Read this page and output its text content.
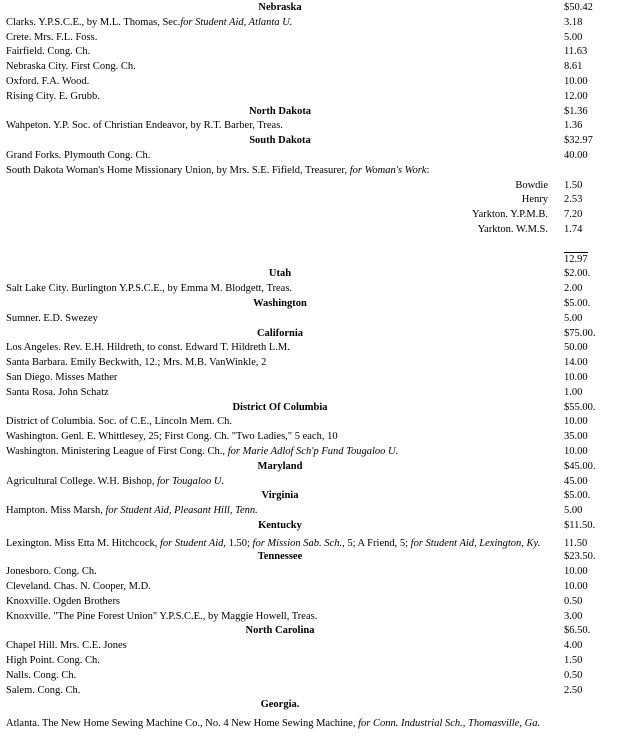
Nebraska	$50.42
Clarks. Y.P.S.C.E., by M.L. Thomas, Sec.for Student Aid, Atlanta U.	3.18
Crete. Mrs. F.L. Foss.	5.00
Fairfield. Cong. Ch.	11.63
Nebraska City. First Cong. Ch.	8.61
Oxford. F.A. Wood.	10.00
Rising City. E. Grubb.	12.00
North Dakota	$1.36
Wahpeton. Y.P. Soc. of Christian Endeavor, by R.T. Barber, Treas.	1.36
South Dakota	$32.97
Grand Forks. Plymouth Cong. Ch.	40.00
South Dakota Woman's Home Missionary Union, by Mrs. S.E. Fifield, Treasurer, for Woman's Work:
Bowdie	1.50
Henry	2.53
Yarkton. Y.P.M.B.	7.20
Yarkton. W.M.S.	1.74
12.97
Utah	$2.00.
Salt Lake City. Burlington Y.P.S.C.E., by Emma M. Blodgett, Treas.	2.00
Washington	$5.00.
Sumner. E.D. Swezey	5.00
California	$75.00.
Los Angeles. Rev. E.H. Hildreth, to const. Edward T. Hildreth L.M.	50.00
Santa Barbara. Emily Beckwith, 12.; Mrs. M.B. VanWinkle, 2	14.00
San Diego. Misses Mather	10.00
Santa Rosa. John Schatz	1.00
District Of Columbia	$55.00.
District of Columbia. Soc. of C.E., Lincoln Mem. Ch.	10.00
Washington. Genl. E. Whittlesey, 25; First Cong. Ch. "Two Ladies," 5 each, 10	35.00
Washington. Ministering League of First Cong. Ch., for Marie Adlof Sch'p Fund Tougaloo U.	10.00
Maryland	$45.00.
Agricultural College. W.H. Bishop, for Tougaloo U.	45.00
Virginia	$5.00.
Hampton. Miss Marsh, for Student Aid, Pleasant Hill, Tenn.	5.00
Kentucky	$11.50.
Lexington. Miss Etta M. Hitchcock, for Student Aid, 1.50; for Mission Sab. Sch., 5; A Friend, 5; for Student Aid, Lexington, Ky.	11.50
Tennessee	$23.50.
Jonesboro. Cong. Ch.	10.00
Cleveland. Chas. N. Cooper, M.D.	10.00
Knoxville. Ogden Brothers	0.50
Knoxville. "The Pine Forest Union" Y.P.S.C.E., by Maggie Howell, Treas.	3.00
North Carolina	$6.50.
Chapel Hill. Mrs. C.E. Jones	4.00
High Point. Cong. Ch.	1.50
Nalls. Cong. Ch.	0.50
Salem. Cong. Ch.	2.50
Georgia.
Atlanta. The New Home Sewing Machine Co., No. 4 New Home Sewing Machine, for Conn. Industrial Sch., Thomasville, Ga.
